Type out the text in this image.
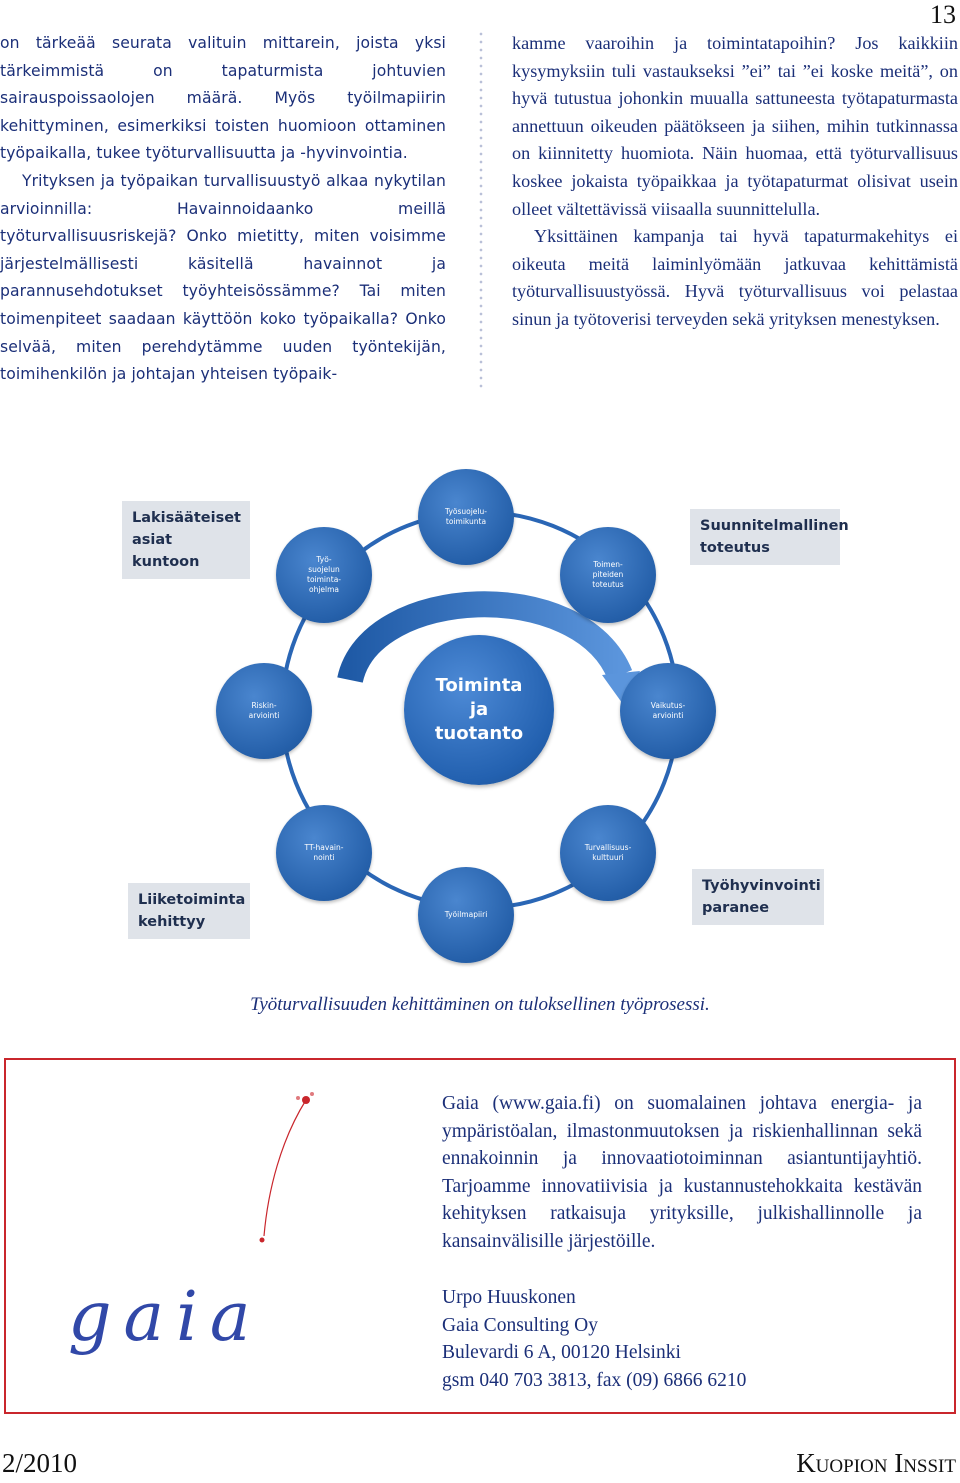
13

on tärkeää seurata valituin mittarein, joista yksi tärkeimmistä on tapaturmista johtuvien sairauspoissaolojen määrä. Myös työilmapiirin kehittyminen, esimerkiksi toisten huomioon ottaminen työpaikalla, tukee työturvallisuutta ja -hyvinvointia.

Yrityksen ja työpaikan turvallisuustyö alkaa nykytilan arvioinnilla: Havainnoidaanko meillä työturvallisuusriskejä? Onko mietitty, miten voisimme järjestelmällisesti käsitellä havainnot ja parannusehdotukset työyhteisössämme? Tai miten toimenpiteet saadaan käyttöön koko työpaikalla? Onko selvää, miten perehdytämme uuden työntekijän, toimihenkilön ja johtajan yhteisen työpaik-

kamme vaaroihin ja toimintatapoihin? Jos kaikkiin kysymyksiin tuli vastaukseksi ”ei” tai ”ei koske meitä”, on hyvä tutustua johonkin muualla sattuneesta työtapaturmasta annettuun oikeuden päätökseen ja siihen, mihin tutkinnassa on kiinnitetty huomiota. Näin huomaa, että työturvallisuus koskee jokaista työpaikkaa ja työtapaturmat olisivat usein olleet vältettävissä viisaalla suunnittelulla.

Yksittäinen kampanja tai hyvä tapaturmakehitys ei oikeuta meitä laiminlyömään jatkuvaa kehittämistä työturvallisuustyössä. Hyvä työturvallisuus voi pelastaa sinun ja työtoverisi terveyden sekä yrityksen menestyksen.

Lakisääteiset asiat kuntoon
Suunnitelmallinen toteutus
Liiketoiminta kehittyy
Työhyvinvointi paranee
Työsuojelu-
toimikunta
Toimen-
piteiden
toteutus
Vaikutus-
arviointi
Turvallisuus-
kulttuuri
Työilmapiiri
TT-havain-
nointi
Riskin-
arviointi
Työ-
suojelun
toiminta-
ohjelma
Toiminta
ja
tuotanto
Työturvallisuuden kehittäminen on tuloksellinen työprosessi.
gaia
Gaia (www.gaia.fi) on suomalainen johtava energia- ja ympäristöalan, ilmastonmuutoksen ja riskienhallinnan sekä ennakoinnin ja innovaatiotoiminnan asiantuntijayhtiö. Tarjoamme innovatiivisia ja kustannustehokkaita kestävän kehityksen ratkaisuja yrityksille, julkishallinnolle ja kansainvälisille järjestöille.
Urpo Huuskonen
Gaia Consulting Oy
Bulevardi 6 A, 00120 Helsinki
gsm 040 703 3813, fax (09) 6866 6210
2/2010	Kuopion Inssit
